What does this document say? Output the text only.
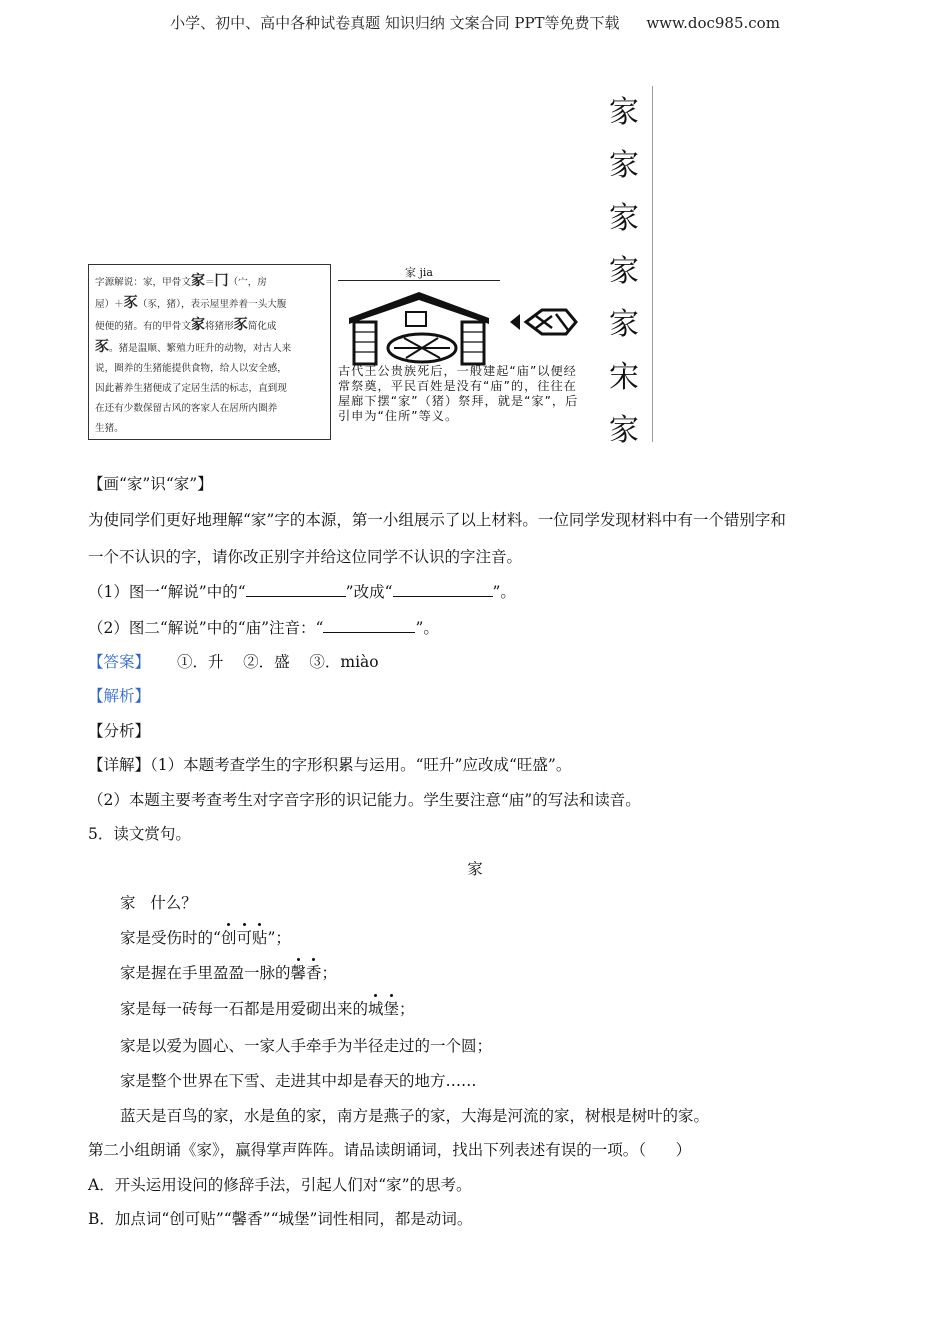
小学、初中、高中各种试卷真题 知识归纳 文案合同 PPT等免费下载 www.doc985.com
字源解说：家，甲骨文家＝冂（宀，房
屋）＋豕（豕，猪），表示屋里养着一头大腹
便便的猪。有的甲骨文家将猪形豕简化成
豕。猪是温顺、繁殖力旺升的动物，对古人来
说，圈养的生猪能提供食物，给人以安全感，
因此蓄养生猪便成了定居生活的标志，直到现
在还有少数保留古风的客家人在居所内圈养
生猪。
家 jia
古代王公贵族死后，一般建起“庙”以便经常祭奠，平民百姓是没有“庙”的，往往在屋廊下摆“家”（猪）祭拜，就是“家”，后引申为“住所”等义。
家
家
家
家
家
宋
家
【画“家”识“家”】
为使同学们更好地理解“家”字的本源，第一小组展示了以上材料。一位同学发现材料中有一个错别字和
一个不认识的字，请你改正别字并给这位同学不认识的字注音。
（1）图一“解说”中的“	”改成“	”。
（2）图二“解说”中的“庙”注音：“	”。
【答案】 ①．升    ②．盛    ③．miào
【解析】
【分析】
【详解】（1）本题考查学生的字形积累与运用。“旺升”应改成“旺盛”。
（2）本题主要考查考生对字音字形的识记能力。学生要注意“庙”的写法和读音。
5．读文赏句。
家
家   什么？
家是受伤时的“创可贴”；
家是握在手里盈盈一脉的馨香；
家是每一砖每一石都是用爱砌出来的城堡；
家是以爱为圆心、一家人手牵手为半径走过的一个圆；
家是整个世界在下雪、走进其中却是春天的地方……
蓝天是百鸟的家，水是鱼的家，南方是燕子的家，大海是河流的家，树根是树叶的家。
第二小组朗诵《家》，赢得掌声阵阵。请品读朗诵词，找出下列表述有误的一项。（      ）
A．开头运用设问的修辞手法，引起人们对“家”的思考。
B．加点词“创可贴”“馨香”“城堡”词性相同，都是动词。
